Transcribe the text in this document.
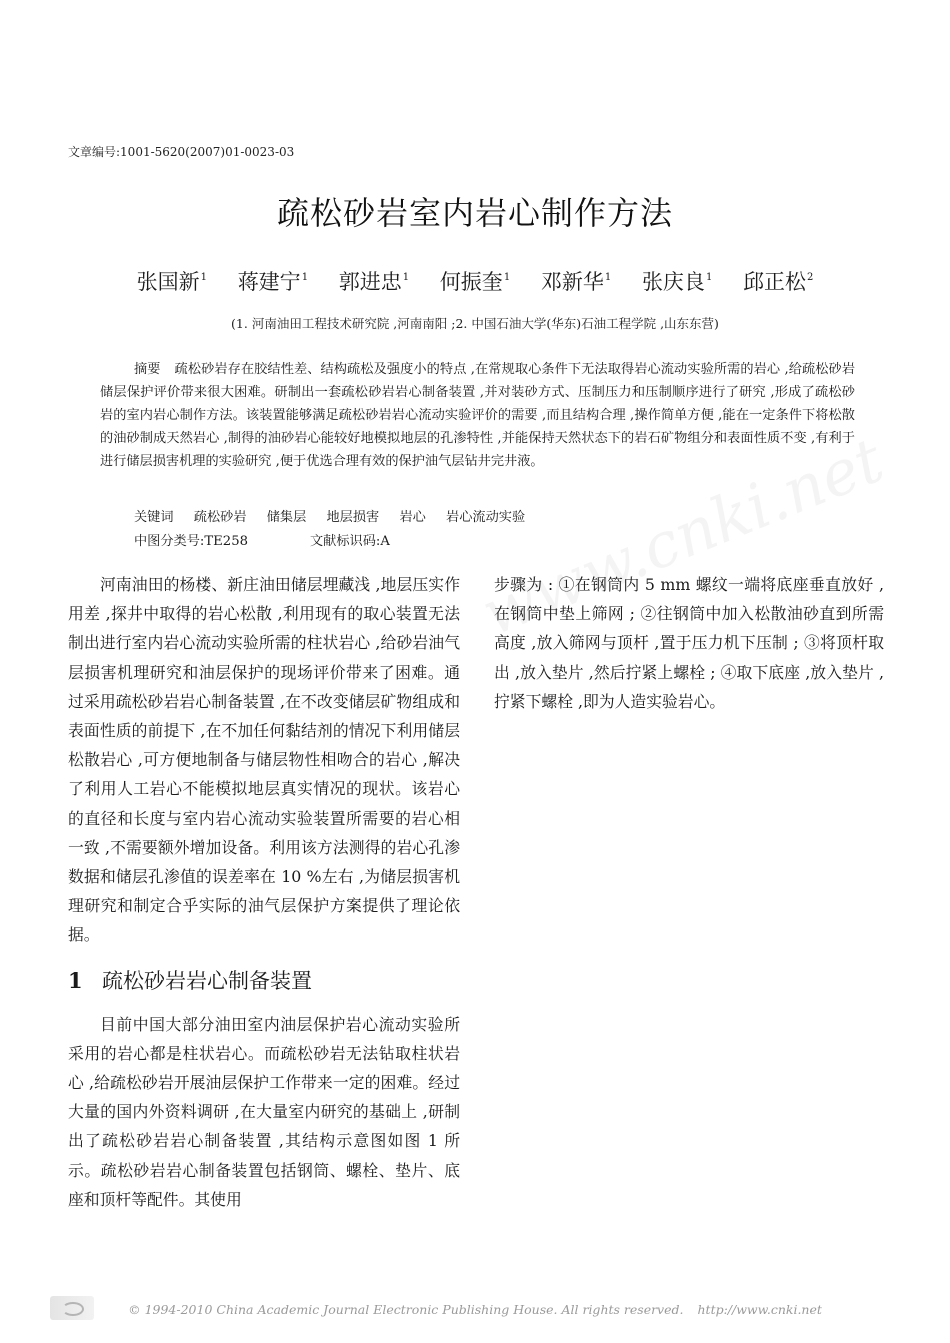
文章编号:1001-5620(2007)01-0023-03
疏松砂岩室内岩心制作方法
张国新$^1$ 蒋建宁$^1$ 郭进忠$^1$ 何振奎$^1$ 邓新华$^1$ 张庆良$^1$ 邱正松$^2$
(1. 河南油田工程技术研究院 ,河南南阳 ;2. 中国石油大学(华东)石油工程学院 ,山东东营)
摘要 疏松砂岩存在胶结性差、结构疏松及强度小的特点 ,在常规取心条件下无法取得岩心流动实验所需的岩心 ,给疏松砂岩储层保护评价带来很大困难。研制出一套疏松砂岩岩心制备装置 ,并对装砂方式、压制压力和压制顺序进行了研究 ,形成了疏松砂岩的室内岩心制作方法。该装置能够满足疏松砂岩岩心流动实验评价的需要 ,而且结构合理 ,操作简单方便 ,能在一定条件下将松散的油砂制成天然岩心 ,制得的油砂岩心能较好地模拟地层的孔渗特性 ,并能保持天然状态下的岩石矿物组分和表面性质不变 ,有利于进行储层损害机理的实验研究 ,便于优选合理有效的保护油气层钻井完井液。
关键词 疏松砂岩 储集层 地层损害 岩心 岩心流动实验
中图分类号:TE258	文献标识码:A

河南油田的杨楼、新庄油田储层埋藏浅 ,地层压实作用差 ,探井中取得的岩心松散 ,利用现有的取心装置无法制出进行室内岩心流动实验所需的柱状岩心 ,给砂岩油气层损害机理研究和油层保护的现场评价带来了困难。通过采用疏松砂岩岩心制备装置 ,在不改变储层矿物组成和表面性质的前提下 ,在不加任何黏结剂的情况下利用储层松散岩心 ,可方便地制备与储层物性相吻合的岩心 ,解决了利用人工岩心不能模拟地层真实情况的现状。该岩心的直径和长度与室内岩心流动实验装置所需要的岩心相一致 ,不需要额外增加设备。利用该方法测得的岩心孔渗数据和储层孔渗值的误差率在 10 %左右 ,为储层损害机理研究和制定合乎实际的油气层保护方案提供了理论依据。

1 疏松砂岩岩心制备装置

目前中国大部分油田室内油层保护岩心流动实验所采用的岩心都是柱状岩心。而疏松砂岩无法钻取柱状岩心 ,给疏松砂岩开展油层保护工作带来一定的困难。经过大量的国内外资料调研 ,在大量室内研究的基础上 ,研制出了疏松砂岩岩心制备装置 ,其结构示意图如图 1 所示。疏松砂岩岩心制备装置包括钢筒、螺栓、垫片、底座和顶杆等配件。其使用

步骤为 : ①在钢筒内 5 mm 螺纹一端将底座垂直放好 ,在钢筒中垫上筛网 ; ②往钢筒中加入松散油砂直到所需高度 ,放入筛网与顶杆 ,置于压力机下压制 ; ③将顶杆取出 ,放入垫片 ,然后拧紧上螺栓 ; ④取下底座 ,放入垫片 ,拧紧下螺栓 ,即为人造实验岩心。

© 1994-2010 China Academic Journal Electronic Publishing House. All rights reserved. http://www.cnki.net
